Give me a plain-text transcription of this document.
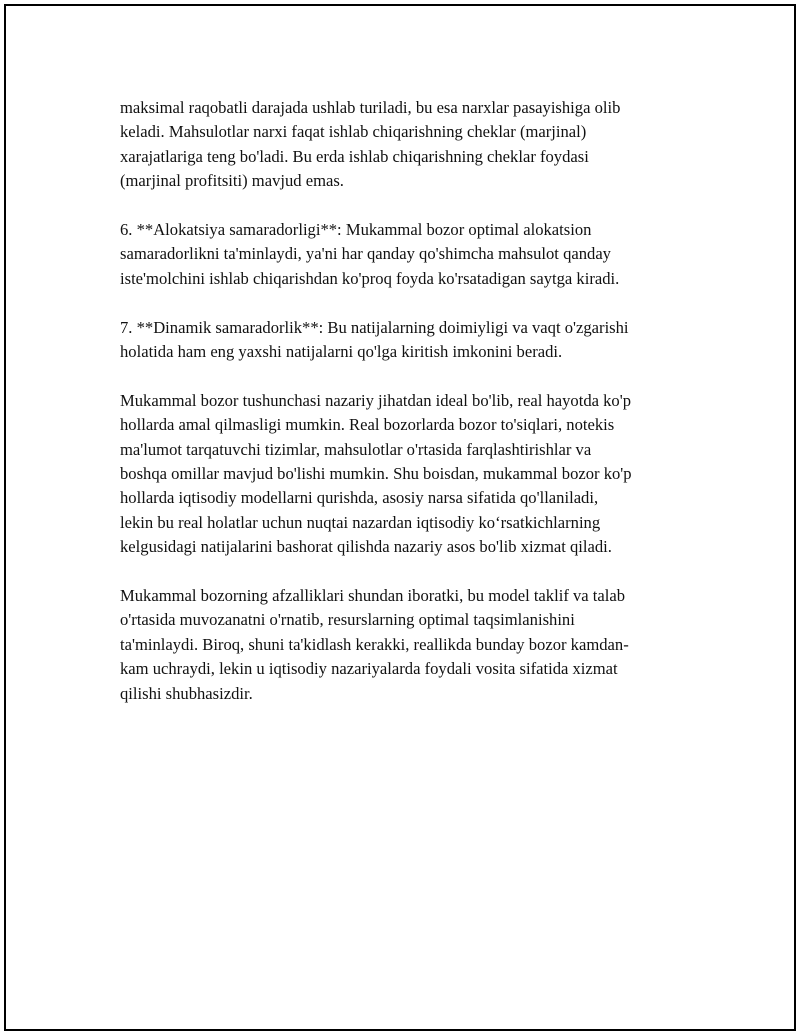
maksimal raqobatli darajada ushlab turiladi, bu esa narxlar pasayishiga olib
keladi. Mahsulotlar narxi faqat ishlab chiqarishning cheklar (marjinal)
xarajatlariga teng bo'ladi. Bu erda ishlab chiqarishning cheklar foydasi
(marjinal profitsiti) mavjud emas.

6. **Alokatsiya samaradorligi**: Mukammal bozor optimal alokatsion
samaradorlikni ta'minlaydi, ya'ni har qanday qo'shimcha mahsulot qanday
iste'molchini ishlab chiqarishdan ko'proq foyda ko'rsatadigan saytga kiradi.

7. **Dinamik samaradorlik**: Bu natijalarning doimiyligi va vaqt o'zgarishi
holatida ham eng yaxshi natijalarni qo'lga kiritish imkonini beradi.

Mukammal bozor tushunchasi nazariy jihatdan ideal bo'lib, real hayotda ko'p
hollarda amal qilmasligi mumkin. Real bozorlarda bozor to'siqlari, notekis
ma'lumot tarqatuvchi tizimlar, mahsulotlar o'rtasida farqlashtirishlar va
boshqa omillar mavjud bo'lishi mumkin. Shu boisdan, mukammal bozor ko'p
hollarda iqtisodiy modellarni qurishda, asosiy narsa sifatida qo'llaniladi,
lekin bu real holatlar uchun nuqtai nazardan iqtisodiy ko‘rsatkichlarning
kelgusidagi natijalarini bashorat qilishda nazariy asos bo'lib xizmat qiladi.

Mukammal bozorning afzalliklari shundan iboratki, bu model taklif va talab
o'rtasida muvozanatni o'rnatib, resurslarning optimal taqsimlanishini
ta'minlaydi. Biroq, shuni ta'kidlash kerakki, reallikda bunday bozor kamdan-
kam uchraydi, lekin u iqtisodiy nazariyalarda foydali vosita sifatida xizmat
qilishi shubhasizdir.
